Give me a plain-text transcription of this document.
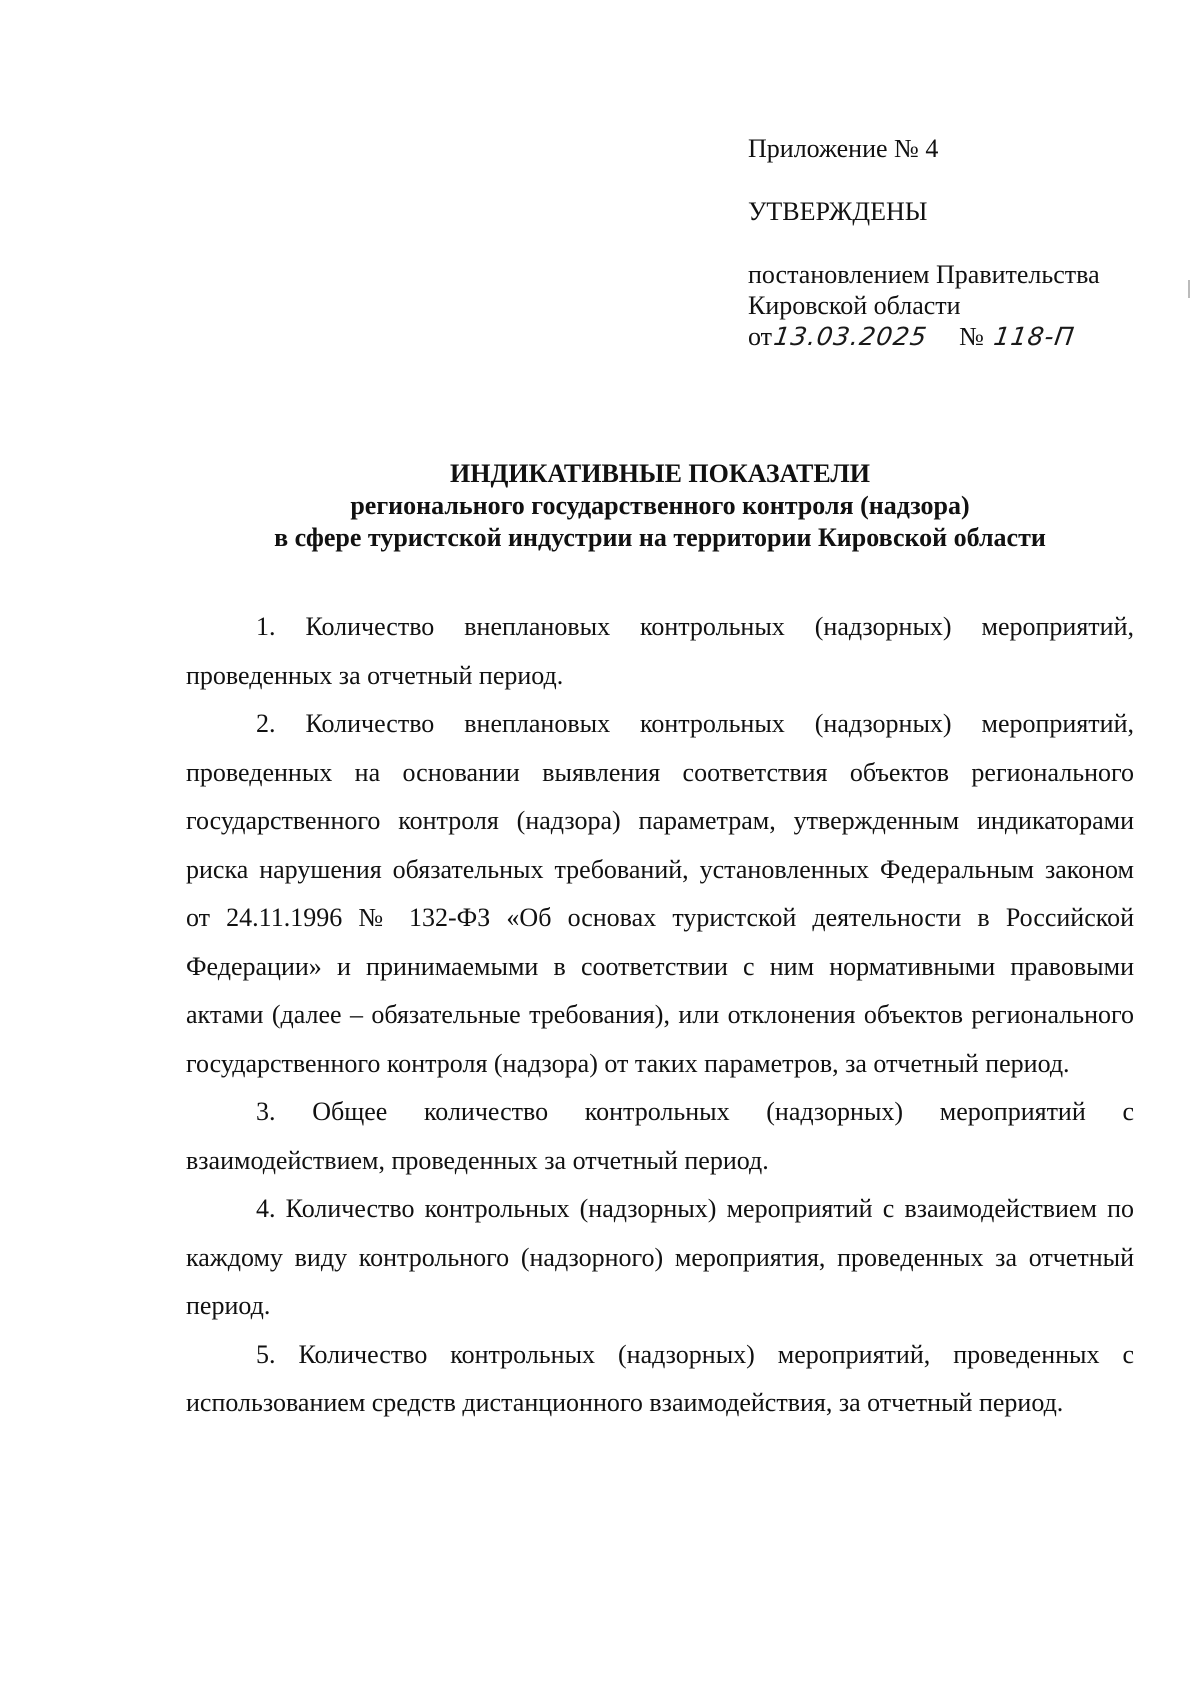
Приложение № 4
УТВЕРЖДЕНЫ
постановлением Правительства
Кировской области
от13.03.2025 № 118-П
ИНДИКАТИВНЫЕ ПОКАЗАТЕЛИ
регионального государственного контроля (надзора)
в сфере туристской индустрии на территории Кировской области

1. Количество внеплановых контрольных (надзорных) мероприятий, проведенных за отчетный период.

2. Количество внеплановых контрольных (надзорных) мероприятий, проведенных на основании выявления соответствия объектов регионального государственного контроля (надзора) параметрам, утвержденным индикаторами риска нарушения обязательных требований, установленных Федеральным законом от 24.11.1996 № 132-ФЗ «Об основах туристской деятельности в Российской Федерации» и принимаемыми в соответствии с ним нормативными правовыми актами (далее – обязательные требования), или отклонения объектов регионального государственного контроля (надзора) от таких параметров, за отчетный период.

3. Общее количество контрольных (надзорных) мероприятий с взаимодействием, проведенных за отчетный период.

4. Количество контрольных (надзорных) мероприятий с взаимодействием по каждому виду контрольного (надзорного) мероприятия, проведенных за отчетный период.

5. Количество контрольных (надзорных) мероприятий, проведенных с использованием средств дистанционного взаимодействия, за отчетный период.
